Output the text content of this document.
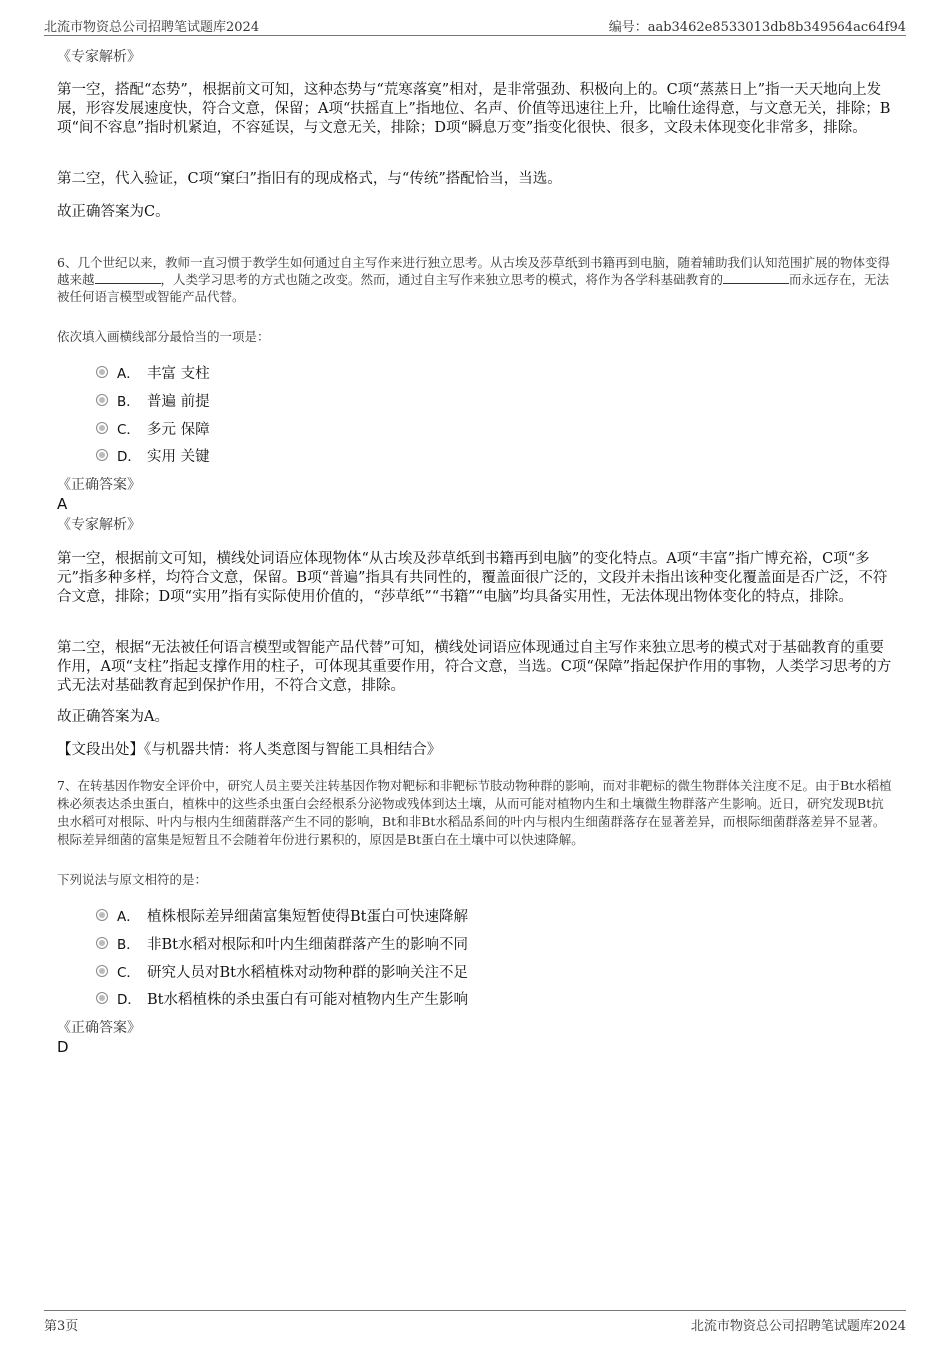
北流市物资总公司招聘笔试题库2024	编号：aab3462e8533013db8b349564ac64f94
《专家解析》
第一空，搭配“态势”，根据前文可知，这种态势与“荒寒落寞”相对，是非常强劲、积极向上的。C项“蒸蒸日上”指一天天地向上发展，形容发展速度快，符合文意，保留；A项“扶摇直上”指地位、名声、价值等迅速往上升，比喻仕途得意，与文意无关，排除；B项“间不容息”指时机紧迫，不容延误，与文意无关，排除；D项“瞬息万变”指变化很快、很多，文段未体现变化非常多，排除。
第二空，代入验证，C项“窠臼”指旧有的现成格式，与“传统”搭配恰当，当选。
故正确答案为C。
6、几个世纪以来，教师一直习惯于教学生如何通过自主写作来进行独立思考。从古埃及莎草纸到书籍再到电脑，随着辅助我们认知范围扩展的物体变得越来越	，人类学习思考的方式也随之改变。然而，通过自主写作来独立思考的模式，将作为各学科基础教育的	而永远存在，无法被任何语言模型或智能产品代替。
依次填入画横线部分最恰当的一项是：
A． 丰富 支柱
B． 普遍 前提
C． 多元 保障
D． 实用 关键
《正确答案》
A
《专家解析》
第一空，根据前文可知，横线处词语应体现物体“从古埃及莎草纸到书籍再到电脑”的变化特点。A项“丰富”指广博充裕，C项“多元”指多种多样，均符合文意，保留。B项“普遍”指具有共同性的，覆盖面很广泛的，文段并未指出该种变化覆盖面是否广泛，不符合文意，排除；D项“实用”指有实际使用价值的，“莎草纸”“书籍”“电脑”均具备实用性，无法体现出物体变化的特点，排除。
第二空，根据“无法被任何语言模型或智能产品代替”可知，横线处词语应体现通过自主写作来独立思考的模式对于基础教育的重要作用，A项“支柱”指起支撑作用的柱子，可体现其重要作用，符合文意，当选。C项“保障”指起保护作用的事物，人类学习思考的方式无法对基础教育起到保护作用，不符合文意，排除。
故正确答案为A。
【文段出处】《与机器共情：将人类意图与智能工具相结合》
7、在转基因作物安全评价中，研究人员主要关注转基因作物对靶标和非靶标节肢动物种群的影响，而对非靶标的微生物群体关注度不足。由于Bt水稻植株必须表达杀虫蛋白，植株中的这些杀虫蛋白会经根系分泌物或残体到达土壤，从而可能对植物内生和土壤微生物群落产生影响。近日，研究发现Bt抗虫水稻可对根际、叶内与根内生细菌群落产生不同的影响，Bt和非Bt水稻品系间的叶内与根内生细菌群落存在显著差异，而根际细菌群落差异不显著。根际差异细菌的富集是短暂且不会随着年份进行累积的，原因是Bt蛋白在土壤中可以快速降解。
下列说法与原文相符的是：
A． 植株根际差异细菌富集短暂使得Bt蛋白可快速降解
B． 非Bt水稻对根际和叶内生细菌群落产生的影响不同
C． 研究人员对Bt水稻植株对动物种群的影响关注不足
D． Bt水稻植株的杀虫蛋白有可能对植物内生产生影响
《正确答案》
D
第3页	北流市物资总公司招聘笔试题库2024
